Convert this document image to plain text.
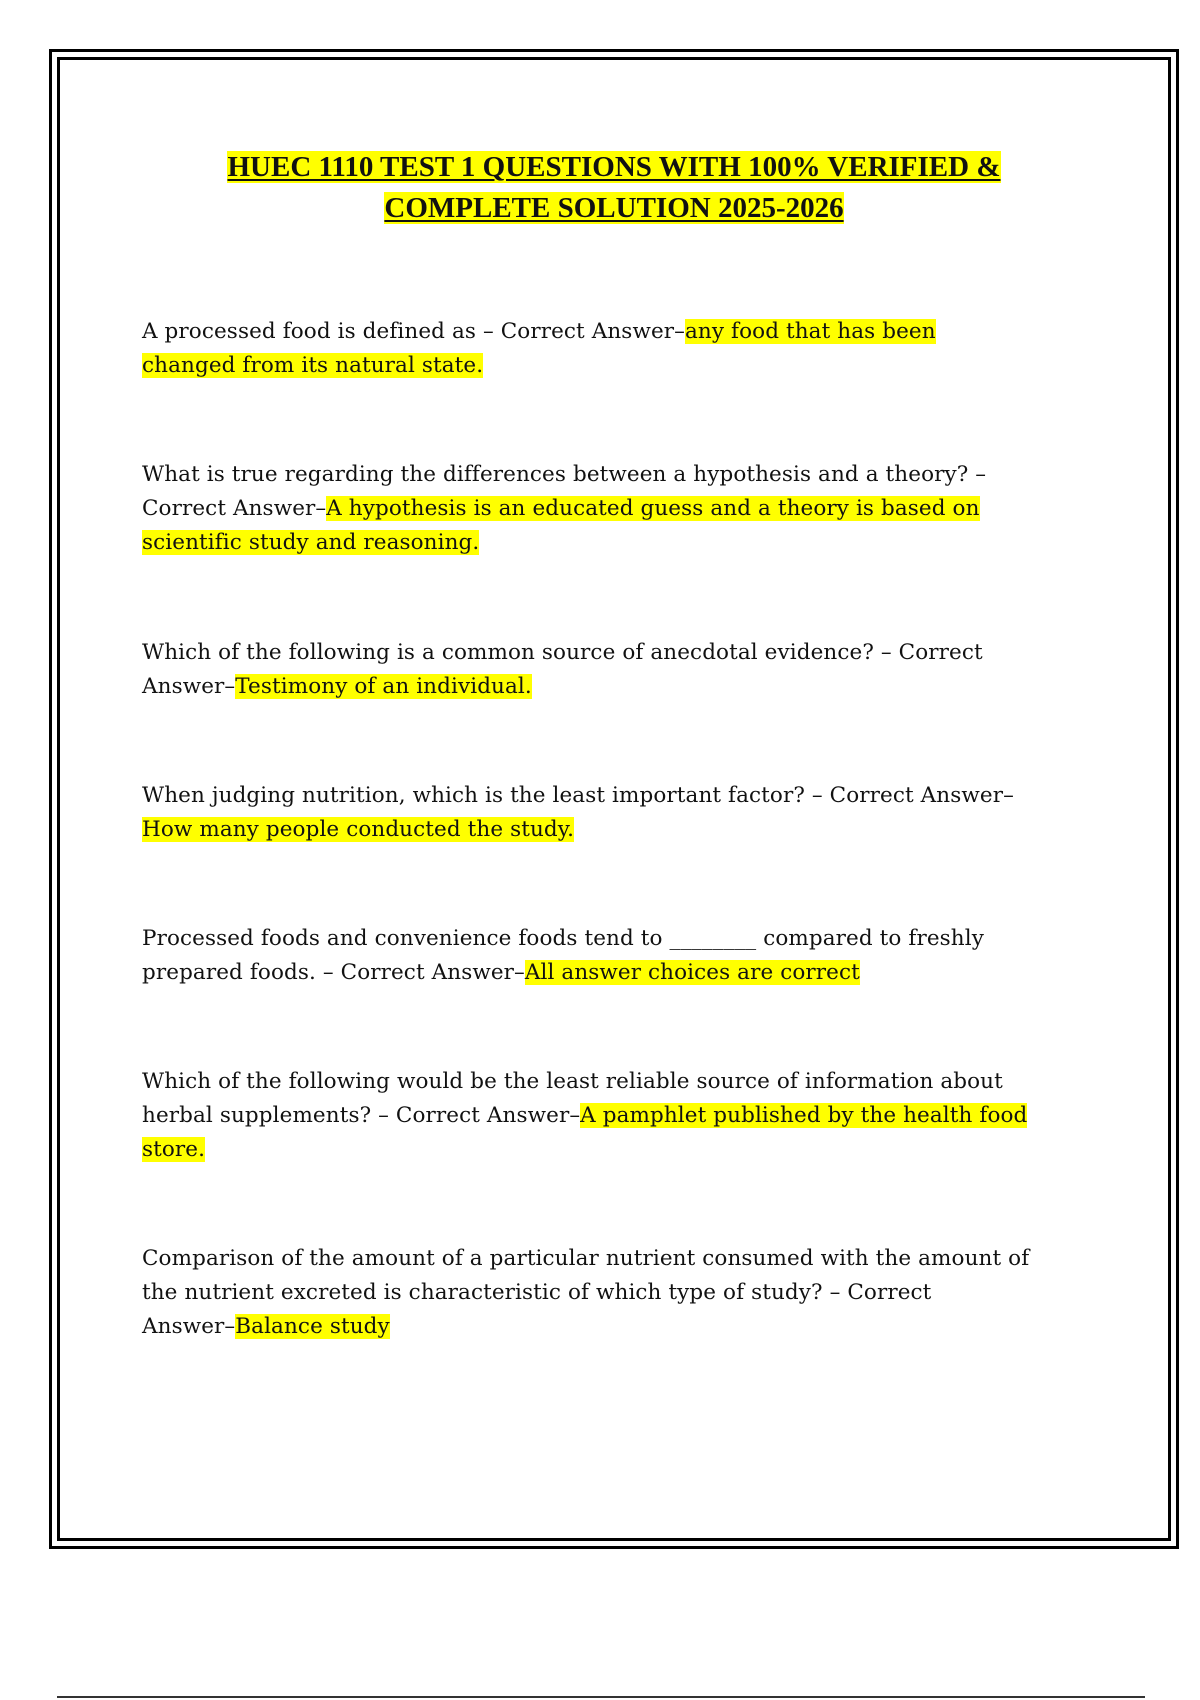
HUEC 1110 TEST 1 QUESTIONS WITH 100% VERIFIED &
COMPLETE SOLUTION 2025-2026
A processed food is defined as – Correct Answer–any food that has been
changed from its natural state.
What is true regarding the differences between a hypothesis and a theory? –
Correct Answer–A hypothesis is an educated guess and a theory is based on
scientific study and reasoning.
Which of the following is a common source of anecdotal evidence? – Correct
Answer–Testimony of an individual.
When judging nutrition, which is the least important factor? – Correct Answer–
How many people conducted the study.
Processed foods and convenience foods tend to ________ compared to freshly
prepared foods. – Correct Answer–All answer choices are correct
Which of the following would be the least reliable source of information about
herbal supplements? – Correct Answer–A pamphlet published by the health food
store.
Comparison of the amount of a particular nutrient consumed with the amount of
the nutrient excreted is characteristic of which type of study? – Correct
Answer–Balance study
